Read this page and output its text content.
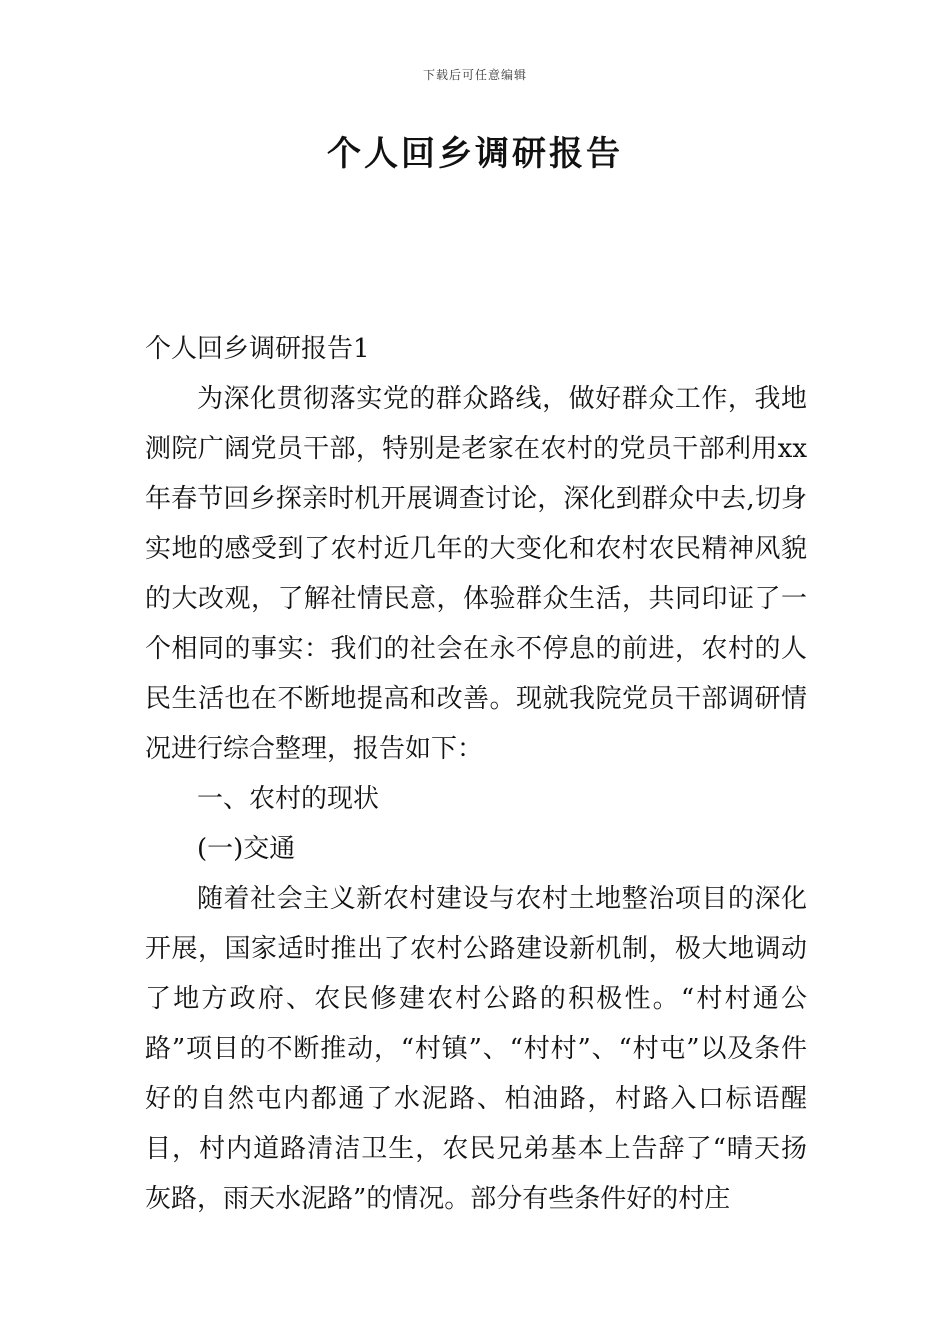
下载后可任意编辑
个人回乡调研报告

个人回乡调研报告1

为深化贯彻落实党的群众路线，做好群众工作，我地测院广阔党员干部，特别是老家在农村的党员干部利用xx年春节回乡探亲时机开展调查讨论，深化到群众中去,切身实地的感受到了农村近几年的大变化和农村农民精神风貌的大改观，了解社情民意，体验群众生活，共同印证了一个相同的事实：我们的社会在永不停息的前进，农村的人民生活也在不断地提高和改善。现就我院党员干部调研情况进行综合整理，报告如下：

一、农村的现状

(一)交通

随着社会主义新农村建设与农村土地整治项目的深化开展，国家适时推出了农村公路建设新机制，极大地调动了地方政府、农民修建农村公路的积极性。“村村通公路”项目的不断推动，“村镇”、“村村”、“村屯”以及条件好的自然屯内都通了水泥路、柏油路，村路入口标语醒目，村内道路清洁卫生，农民兄弟基本上告辞了“晴天扬灰路，雨天水泥路”的情况。部分有些条件好的村庄
